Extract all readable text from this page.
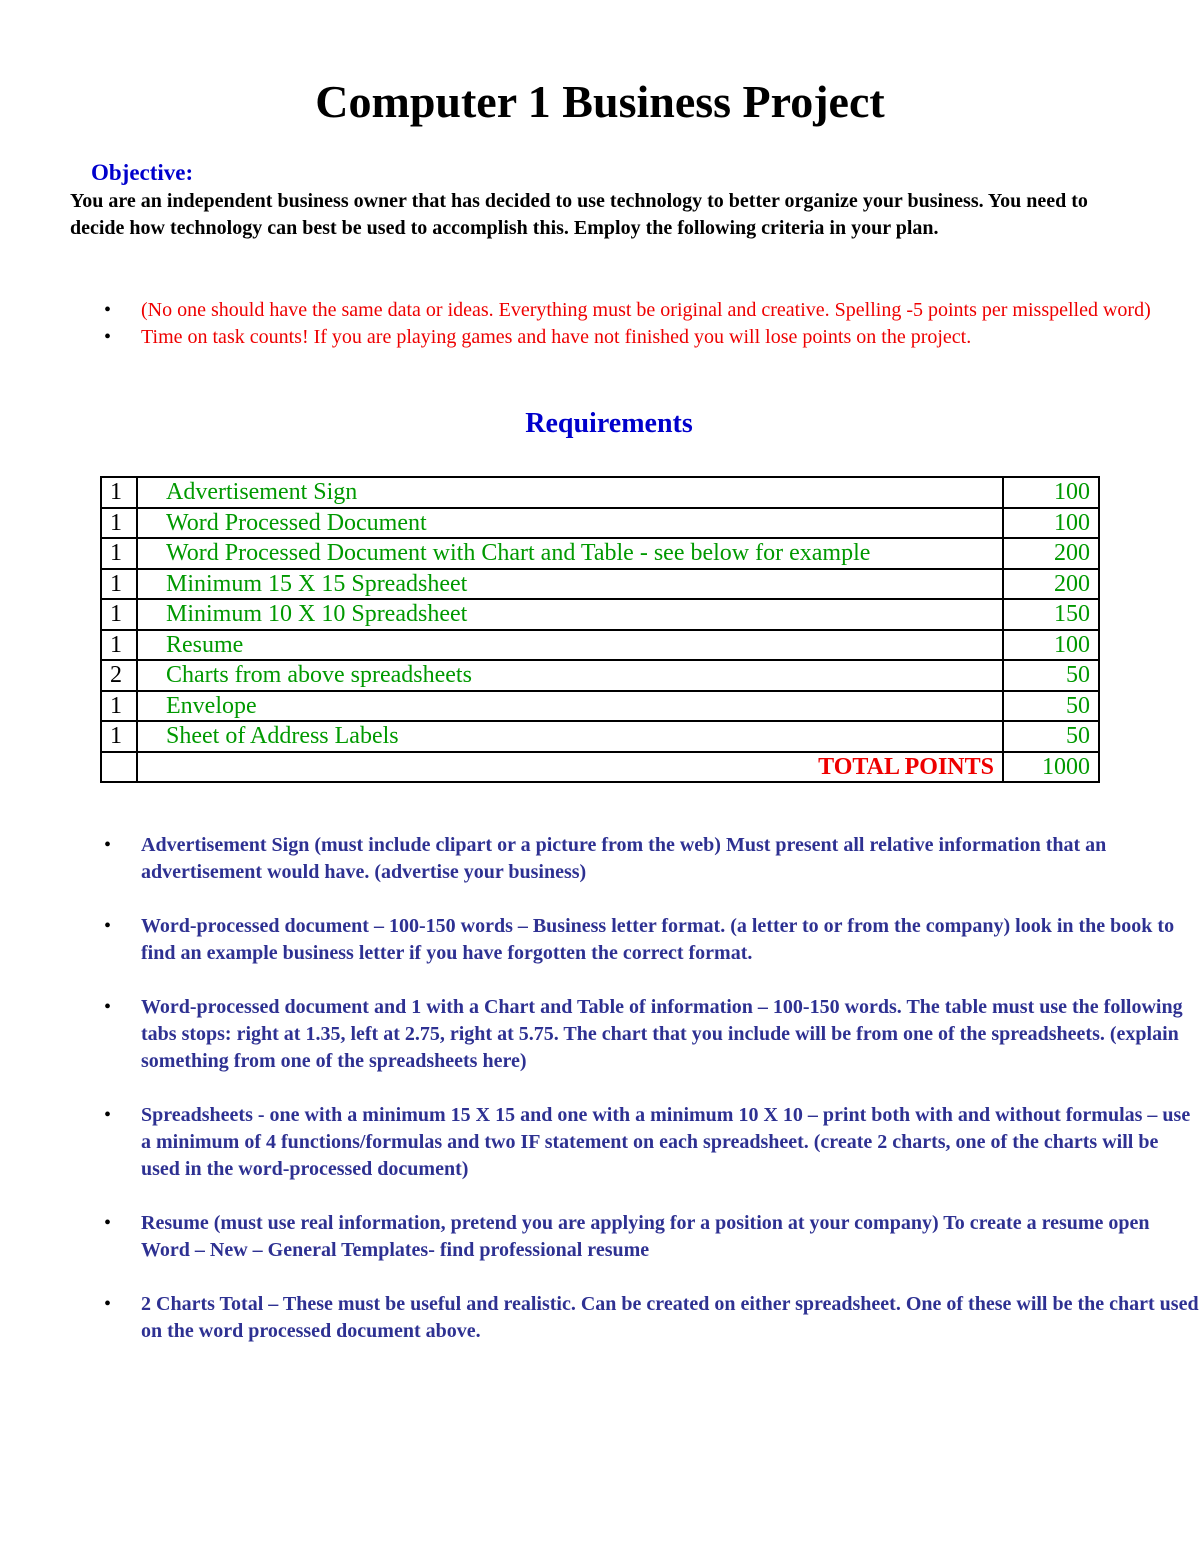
Computer 1 Business Project
Objective:
You are an independent business owner that has decided to use technology to better organize your business. You need to decide how technology can best be used to accomplish this. Employ the following criteria in your plan.
• (No one should have the same data or ideas. Everything must be original and creative. Spelling -5 points per misspelled word)
• Time on task counts! If you are playing games and have not finished you will lose points on the project.
Requirements
1	Advertisement Sign	100
1	Word Processed Document	100
1	Word Processed Document with Chart and Table - see below for example	200
1	Minimum 15 X 15 Spreadsheet	200
1	Minimum 10 X 10 Spreadsheet	150
1	Resume	100
2	Charts from above spreadsheets	50
1	Envelope	50
1	Sheet of Address Labels	50
	TOTAL POINTS	1000
• Advertisement Sign (must include clipart or a picture from the web) Must present all relative information that an advertisement would have. (advertise your business)
• Word-processed document – 100-150 words – Business letter format. (a letter to or from the company) look in the book to find an example business letter if you have forgotten the correct format.
• Word-processed document and 1 with a Chart and Table of information – 100-150 words. The table must use the following tabs stops: right at 1.35, left at 2.75, right at 5.75. The chart that you include will be from one of the spreadsheets. (explain something from one of the spreadsheets here)
• Spreadsheets - one with a minimum 15 X 15 and one with a minimum 10 X 10 – print both with and without formulas – use a minimum of 4 functions/formulas and two IF statement on each spreadsheet. (create 2 charts, one of the charts will be used in the word-processed document)
• Resume (must use real information, pretend you are applying for a position at your company) To create a resume open Word – New – General Templates- find professional resume
• 2 Charts Total – These must be useful and realistic. Can be created on either spreadsheet. One of these will be the chart used on the word processed document above.
